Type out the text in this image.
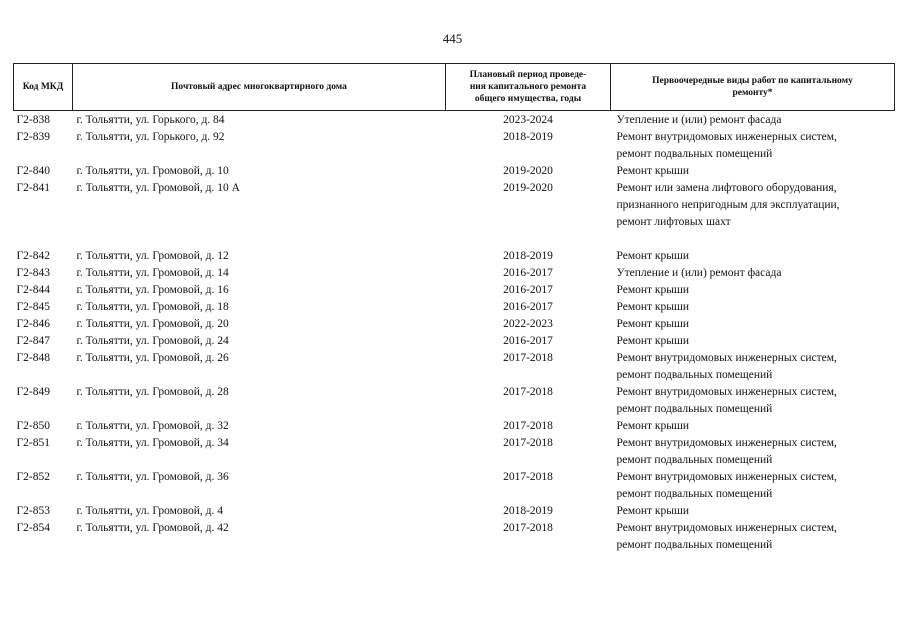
445
Код МКД	Почтовый адрес многоквартирного дома	Плановый период проведе-
ния капитального ремонта
общего имущества, годы	Первоочередные виды работ по капитальному
ремонту*

Г2-838	г. Тольятти, ул. Горького, д. 84	2023-2024	Утепление и (или) ремонт фасада

Г2-839	г. Тольятти, ул. Горького, д. 92	2018-2019	Ремонт внутридомовых инженерных систем,
ремонт подвальных помещений

Г2-840	г. Тольятти, ул. Громовой, д. 10	2019-2020	Ремонт крыши

Г2-841	г. Тольятти, ул. Громовой, д. 10 А	2019-2020	Ремонт или замена лифтового оборудования,
признанного непригодным для эксплуатации,
ремонт лифтовых шахт

Г2-842	г. Тольятти, ул. Громовой, д. 12	2018-2019	Ремонт крыши

Г2-843	г. Тольятти, ул. Громовой, д. 14	2016-2017	Утепление и (или) ремонт фасада

Г2-844	г. Тольятти, ул. Громовой, д. 16	2016-2017	Ремонт крыши

Г2-845	г. Тольятти, ул. Громовой, д. 18	2016-2017	Ремонт крыши

Г2-846	г. Тольятти, ул. Громовой, д. 20	2022-2023	Ремонт крыши

Г2-847	г. Тольятти, ул. Громовой, д. 24	2016-2017	Ремонт крыши

Г2-848	г. Тольятти, ул. Громовой, д. 26	2017-2018	Ремонт внутридомовых инженерных систем,
ремонт подвальных помещений

Г2-849	г. Тольятти, ул. Громовой, д. 28	2017-2018	Ремонт внутридомовых инженерных систем,
ремонт подвальных помещений

Г2-850	г. Тольятти, ул. Громовой, д. 32	2017-2018	Ремонт крыши

Г2-851	г. Тольятти, ул. Громовой, д. 34	2017-2018	Ремонт внутридомовых инженерных систем,
ремонт подвальных помещений

Г2-852	г. Тольятти, ул. Громовой, д. 36	2017-2018	Ремонт внутридомовых инженерных систем,
ремонт подвальных помещений

Г2-853	г. Тольятти, ул. Громовой, д. 4	2018-2019	Ремонт крыши

Г2-854	г. Тольятти, ул. Громовой, д. 42	2017-2018	Ремонт внутридомовых инженерных систем,
ремонт подвальных помещений
